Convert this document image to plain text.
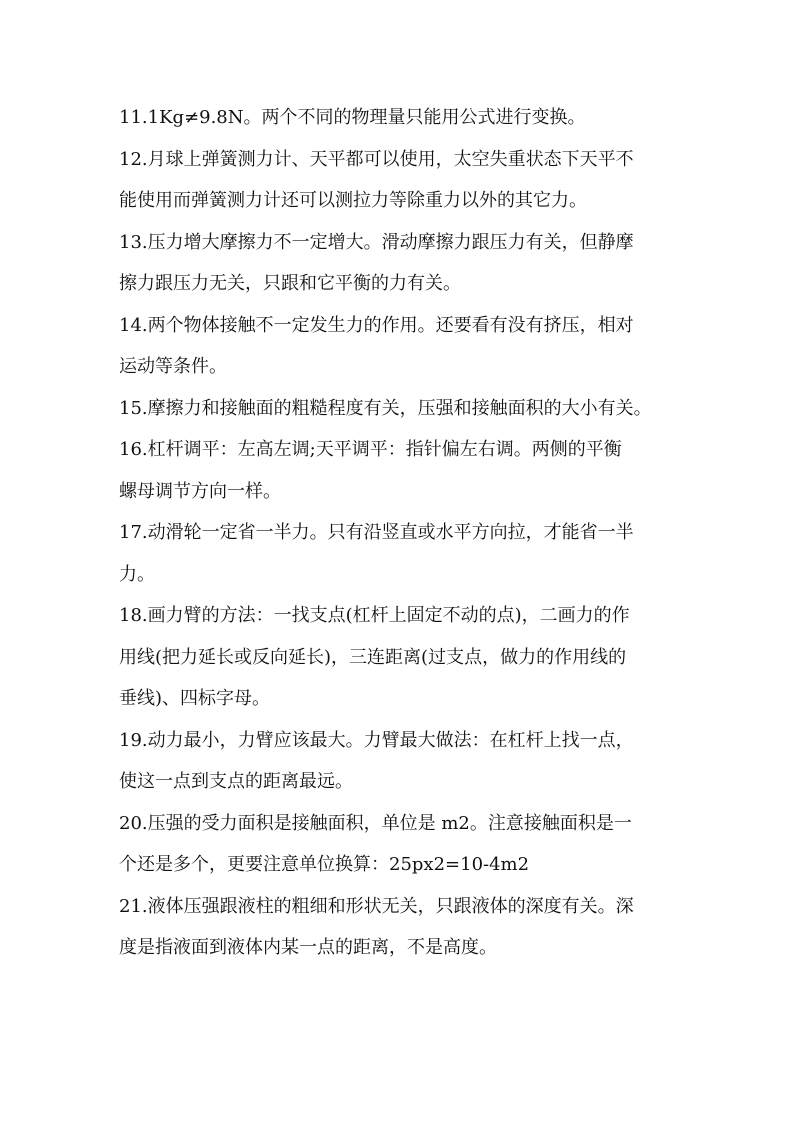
11.1Kg≠9.8N。两个不同的物理量只能用公式进行变换。
12.月球上弹簧测力计、天平都可以使用，太空失重状态下天平不
能使用而弹簧测力计还可以测拉力等除重力以外的其它力。
13.压力增大摩擦力不一定增大。滑动摩擦力跟压力有关，但静摩
擦力跟压力无关，只跟和它平衡的力有关。
14.两个物体接触不一定发生力的作用。还要看有没有挤压，相对
运动等条件。
15.摩擦力和接触面的粗糙程度有关，压强和接触面积的大小有关。
16.杠杆调平：左高左调;天平调平：指针偏左右调。两侧的平衡
螺母调节方向一样。
17.动滑轮一定省一半力。只有沿竖直或水平方向拉，才能省一半
力。
18.画力臂的方法：一找支点(杠杆上固定不动的点)，二画力的作
用线(把力延长或反向延长)，三连距离(过支点，做力的作用线的
垂线)、四标字母。
19.动力最小，力臂应该最大。力臂最大做法：在杠杆上找一点，
使这一点到支点的距离最远。
20.压强的受力面积是接触面积，单位是 m2。注意接触面积是一
个还是多个，更要注意单位换算：25px2=10-4m2
21.液体压强跟液柱的粗细和形状无关，只跟液体的深度有关。深
度是指液面到液体内某一点的距离，不是高度。
